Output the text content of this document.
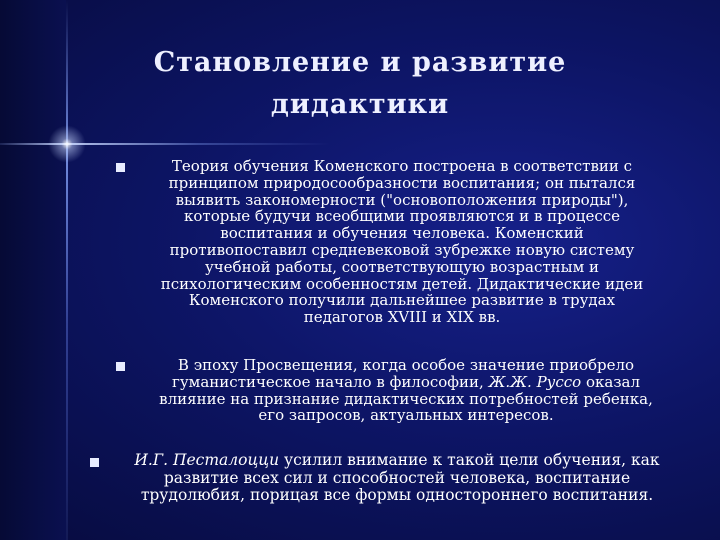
Становление и развитие
дидактики
Теория обучения Коменского построена в соответствии с
принципом природосообразности воспитания; он пытался
выявить закономерности ("основоположения природы"),
которые будучи всеобщими проявляются и в процессе
воспитания и обучения человека. Коменский
противопоставил средневековой зубрежке новую систему
учебной работы, соответствующую возрастным и
психологическим особенностям детей. Дидактические идеи
Коменского получили дальнейшее развитие в трудах
педагогов XVIII и XIX вв.
В эпоху Просвещения, когда особое значение приобрело
гуманистическое начало в философии, Ж.Ж. Руссо оказал
влияние на признание дидактических потребностей ребенка,
его запросов, актуальных интересов.
И.Г. Песталоцци усилил внимание к такой цели обучения, как
развитие всех сил и способностей человека, воспитание
трудолюбия, порицая все формы одностороннего воспитания.
